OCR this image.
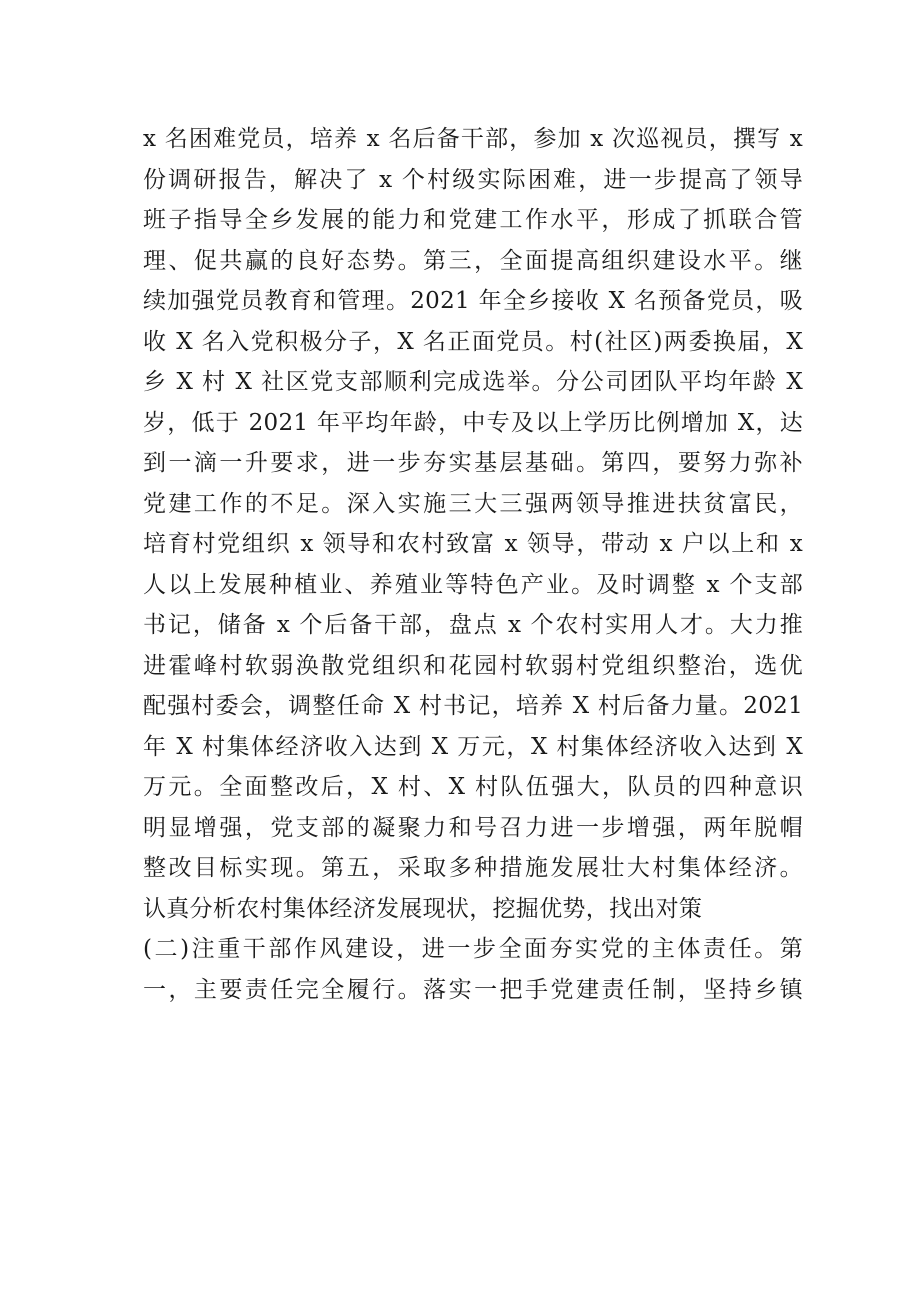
x 名困难党员，培养 x 名后备干部，参加 x 次巡视员，撰写 x
份调研报告，解决了 x 个村级实际困难，进一步提高了领导
班子指导全乡发展的能力和党建工作水平，形成了抓联合管
理、促共赢的良好态势。第三，全面提高组织建设水平。继
续加强党员教育和管理。2021 年全乡接收 X 名预备党员，吸
收 X 名入党积极分子，X 名正面党员。村(社区)两委换届，X
乡 X 村 X 社区党支部顺利完成选举。分公司团队平均年龄 X
岁，低于 2021 年平均年龄，中专及以上学历比例增加 X，达
到一滴一升要求，进一步夯实基层基础。第四，要努力弥补
党建工作的不足。深入实施三大三强两领导推进扶贫富民，
培育村党组织 x 领导和农村致富 x 领导，带动 x 户以上和 x
人以上发展种植业、养殖业等特色产业。及时调整 x 个支部
书记，储备 x 个后备干部，盘点 x 个农村实用人才。大力推
进霍峰村软弱涣散党组织和花园村软弱村党组织整治，选优
配强村委会，调整任命 X 村书记，培养 X 村后备力量。2021
年 X 村集体经济收入达到 X 万元，X 村集体经济收入达到 X
万元。全面整改后，X 村、X 村队伍强大，队员的四种意识
明显增强，党支部的凝聚力和号召力进一步增强，两年脱帽
整改目标实现。第五，采取多种措施发展壮大村集体经济。
认真分析农村集体经济发展现状，挖掘优势，找出对策
(二)注重干部作风建设，进一步全面夯实党的主体责任。第
一，主要责任完全履行。落实一把手党建责任制，坚持乡镇
